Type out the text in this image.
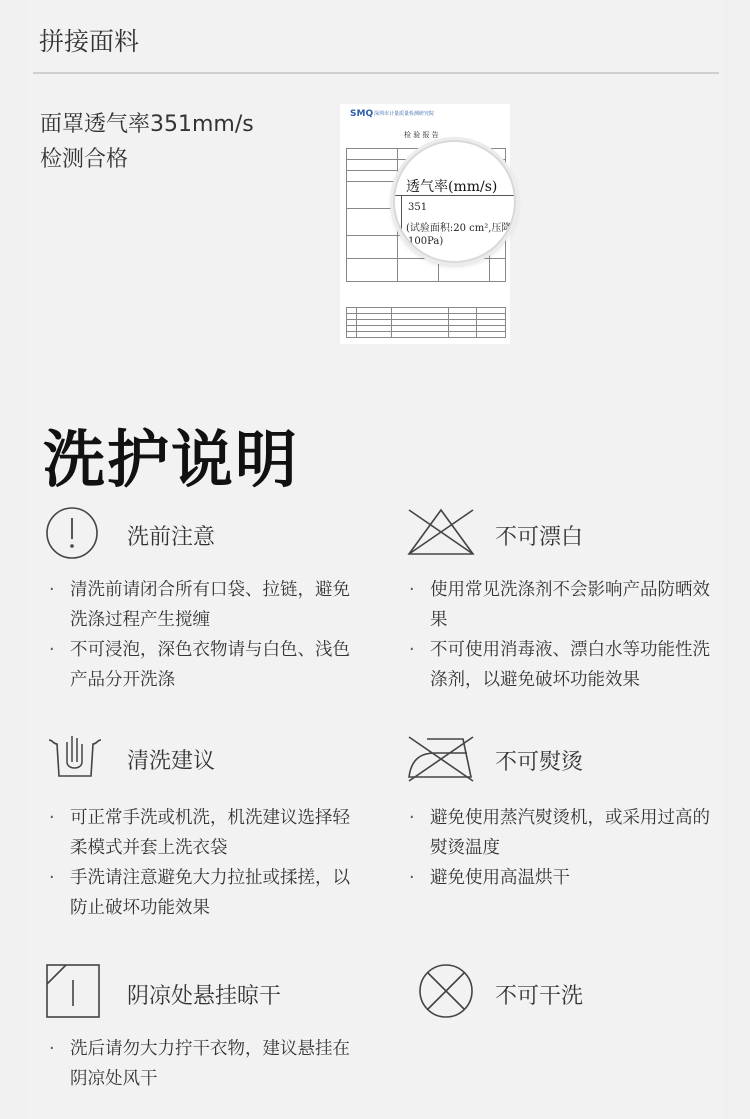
拼接面料
面罩透气率351mm/s
检测合格
SMQ 深圳市计量质量检测研究院
检 验 报 告

透气率(mm/s)
351
(试验面积:20 cm²,压降
100Pa)
洗护说明
洗前注意
· 清洗前请闭合所有口袋、拉链，避免洗涤过程产生搅缠
· 不可浸泡，深色衣物请与白色、浅色产品分开洗涤
不可漂白
· 使用常见洗涤剂不会影响产品防晒效果
· 不可使用消毒液、漂白水等功能性洗涤剂，以避免破坏功能效果
清洗建议
· 可正常手洗或机洗，机洗建议选择轻柔模式并套上洗衣袋
· 手洗请注意避免大力拉扯或揉搓，以防止破坏功能效果
不可熨烫
· 避免使用蒸汽熨烫机，或采用过高的熨烫温度
· 避免使用高温烘干
阴凉处悬挂晾干
· 洗后请勿大力拧干衣物，建议悬挂在阴凉处风干
不可干洗
